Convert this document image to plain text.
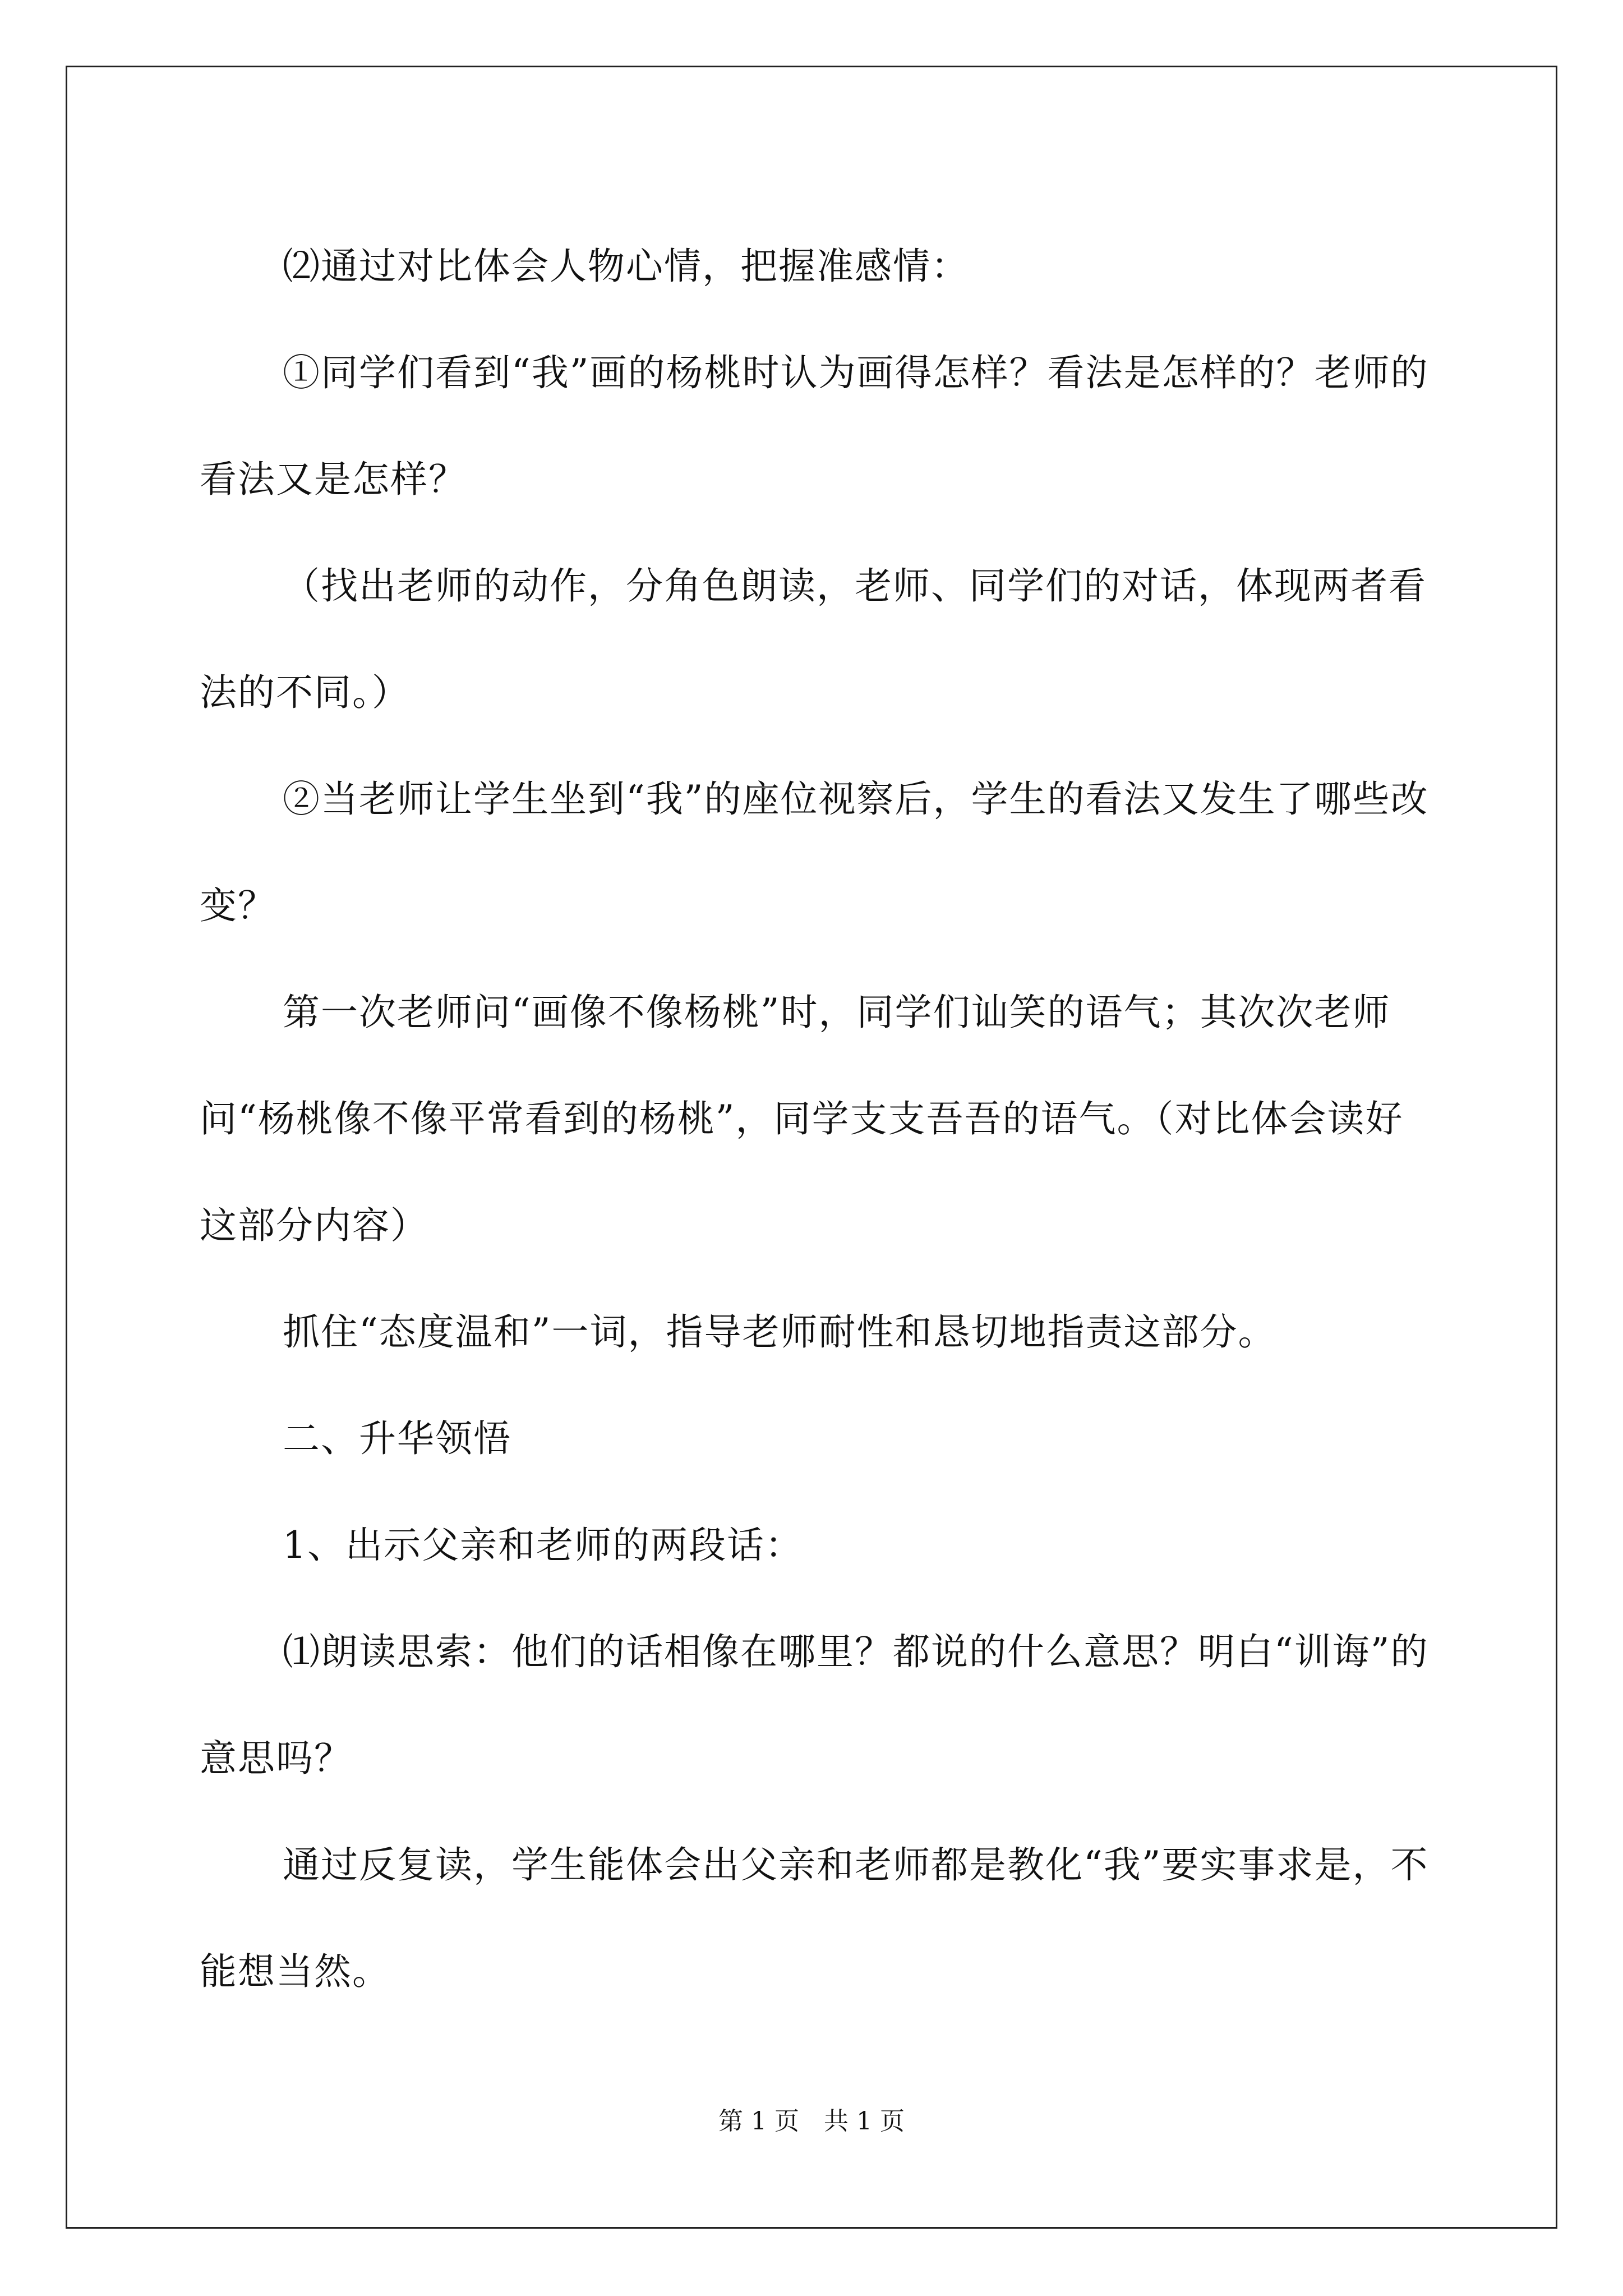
⑵通过对比体会人物心情，把握准感情：

①同学们看到“我”画的杨桃时认为画得怎样？看法是怎样的？老师的看法又是怎样？

（找出老师的动作，分角色朗读，老师、同学们的对话，体现两者看法的不同。）

②当老师让学生坐到“我”的座位视察后，学生的看法又发生了哪些改变？

第一次老师问“画像不像杨桃”时，同学们讪笑的语气；其次次老师问“杨桃像不像平常看到的杨桃”，同学支支吾吾的语气。（对比体会读好这部分内容）

抓住“态度温和”一词，指导老师耐性和恳切地指责这部分。

二、升华领悟

1、出示父亲和老师的两段话：

⑴朗读思索：他们的话相像在哪里？都说的什么意思？明白“训诲”的意思吗？

通过反复读，学生能体会出父亲和老师都是教化“我”要实事求是，不能想当然。

第 1 页　共 1 页
